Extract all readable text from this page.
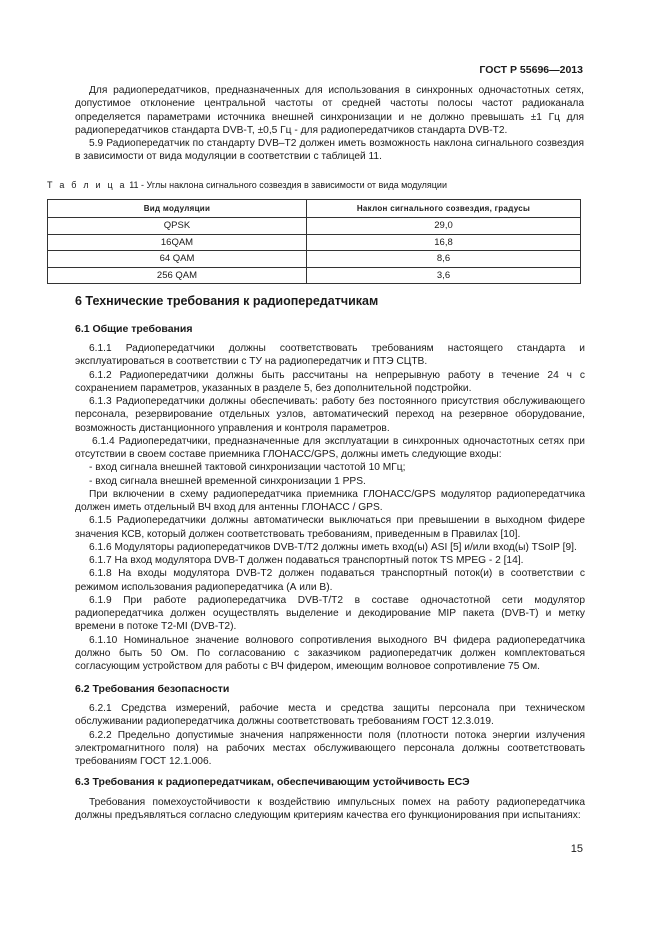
ГОСТ Р 55696—2013

Для радиопередатчиков, предназначенных для использования в синхронных одночастотных сетях, допустимое отклонение центральной частоты от средней частоты полосы частот радиоканала определяется параметрами источника внешней синхронизации и не должно превышать ±1 Гц для радиопередатчиков стандарта DVB-T, ±0,5 Гц - для радиопередатчиков стандарта DVB-T2.

5.9 Радиопередатчик по стандарту DVB–T2 должен иметь возможность наклона сигнального созвездия в зависимости от вида модуляции в соответствии с таблицей 11.

Т а б л и ц а 11 - Углы наклона сигнального созвездия в зависимости от вида модуляции
Вид модуляции	Наклон сигнального созвездия, градусы
QPSK	29,0
16QAM	16,8
64 QAM	8,6
256 QAM	3,6
6 Технические требования к радиопередатчикам
6.1 Общие требования

6.1.1 Радиопередатчики должны соответствовать требованиям настоящего стандарта и эксплуатироваться в соответствии с ТУ на радиопередатчик и ПТЭ СЦТВ.

6.1.2 Радиопередатчики должны быть рассчитаны на непрерывную работу в течение 24 ч с сохранением параметров, указанных в разделе 5, без дополнительной подстройки.

6.1.3 Радиопередатчики должны обеспечивать: работу без постоянного присутствия обслуживающего персонала, резервирование отдельных узлов, автоматический переход на резервное оборудование, возможность дистанционного управления и контроля параметров.

6.1.4 Радиопередатчики, предназначенные для эксплуатации в синхронных одночастотных сетях при отсутствии в своем составе приемника ГЛОНАСС/GPS, должны иметь следующие входы:

- вход сигнала внешней тактовой синхронизации частотой 10 МГц;

- вход сигнала внешней временной синхронизации 1 PPS.

При включении в схему радиопередатчика приемника ГЛОНАСС/GPS модулятор радиопередатчика должен иметь отдельный ВЧ вход для антенны ГЛОНАСС / GPS.

6.1.5 Радиопередатчики должны автоматически выключаться при превышении в выходном фидере значения КСВ, который должен соответствовать требованиям, приведенным в Правилах [10].

6.1.6 Модуляторы радиопередатчиков DVB-T/T2 должны иметь вход(ы) ASI [5] и/или вход(ы) TSoIP [9].

6.1.7 На вход модулятора DVB-T должен подаваться транспортный поток TS MPEG - 2 [14].

6.1.8 На входы модулятора DVB-T2 должен подаваться транспортный поток(и) в соответствии с режимом использования радиопередатчика (А или В).

6.1.9 При работе радиопередатчика DVB-T/T2 в составе одночастотной сети модулятор радиопередатчика должен осуществлять выделение и декодирование MIP пакета (DVB-T) и метку времени в потоке T2-MI (DVB-T2).

6.1.10 Номинальное значение волнового сопротивления выходного ВЧ фидера радиопередатчика должно быть 50 Ом. По согласованию с заказчиком радиопередатчик должен комплектоваться согласующим устройством для работы с ВЧ фидером, имеющим волновое сопротивление 75 Ом.

6.2 Требования безопасности

6.2.1 Средства измерений, рабочие места и средства защиты персонала при техническом обслуживании радиопередатчика должны соответствовать требованиям ГОСТ 12.3.019.

6.2.2 Предельно допустимые значения напряженности поля (плотности потока энергии излучения электромагнитного поля) на рабочих местах обслуживающего персонала должны соответствовать требованиям ГОСТ 12.1.006.

6.3 Требования к радиопередатчикам, обеспечивающим устойчивость ЕСЭ

Требования помехоустойчивости к воздействию импульсных помех на работу радиопередатчика должны предъявляться согласно следующим критериям качества его функционирования при испытаниях:

15
